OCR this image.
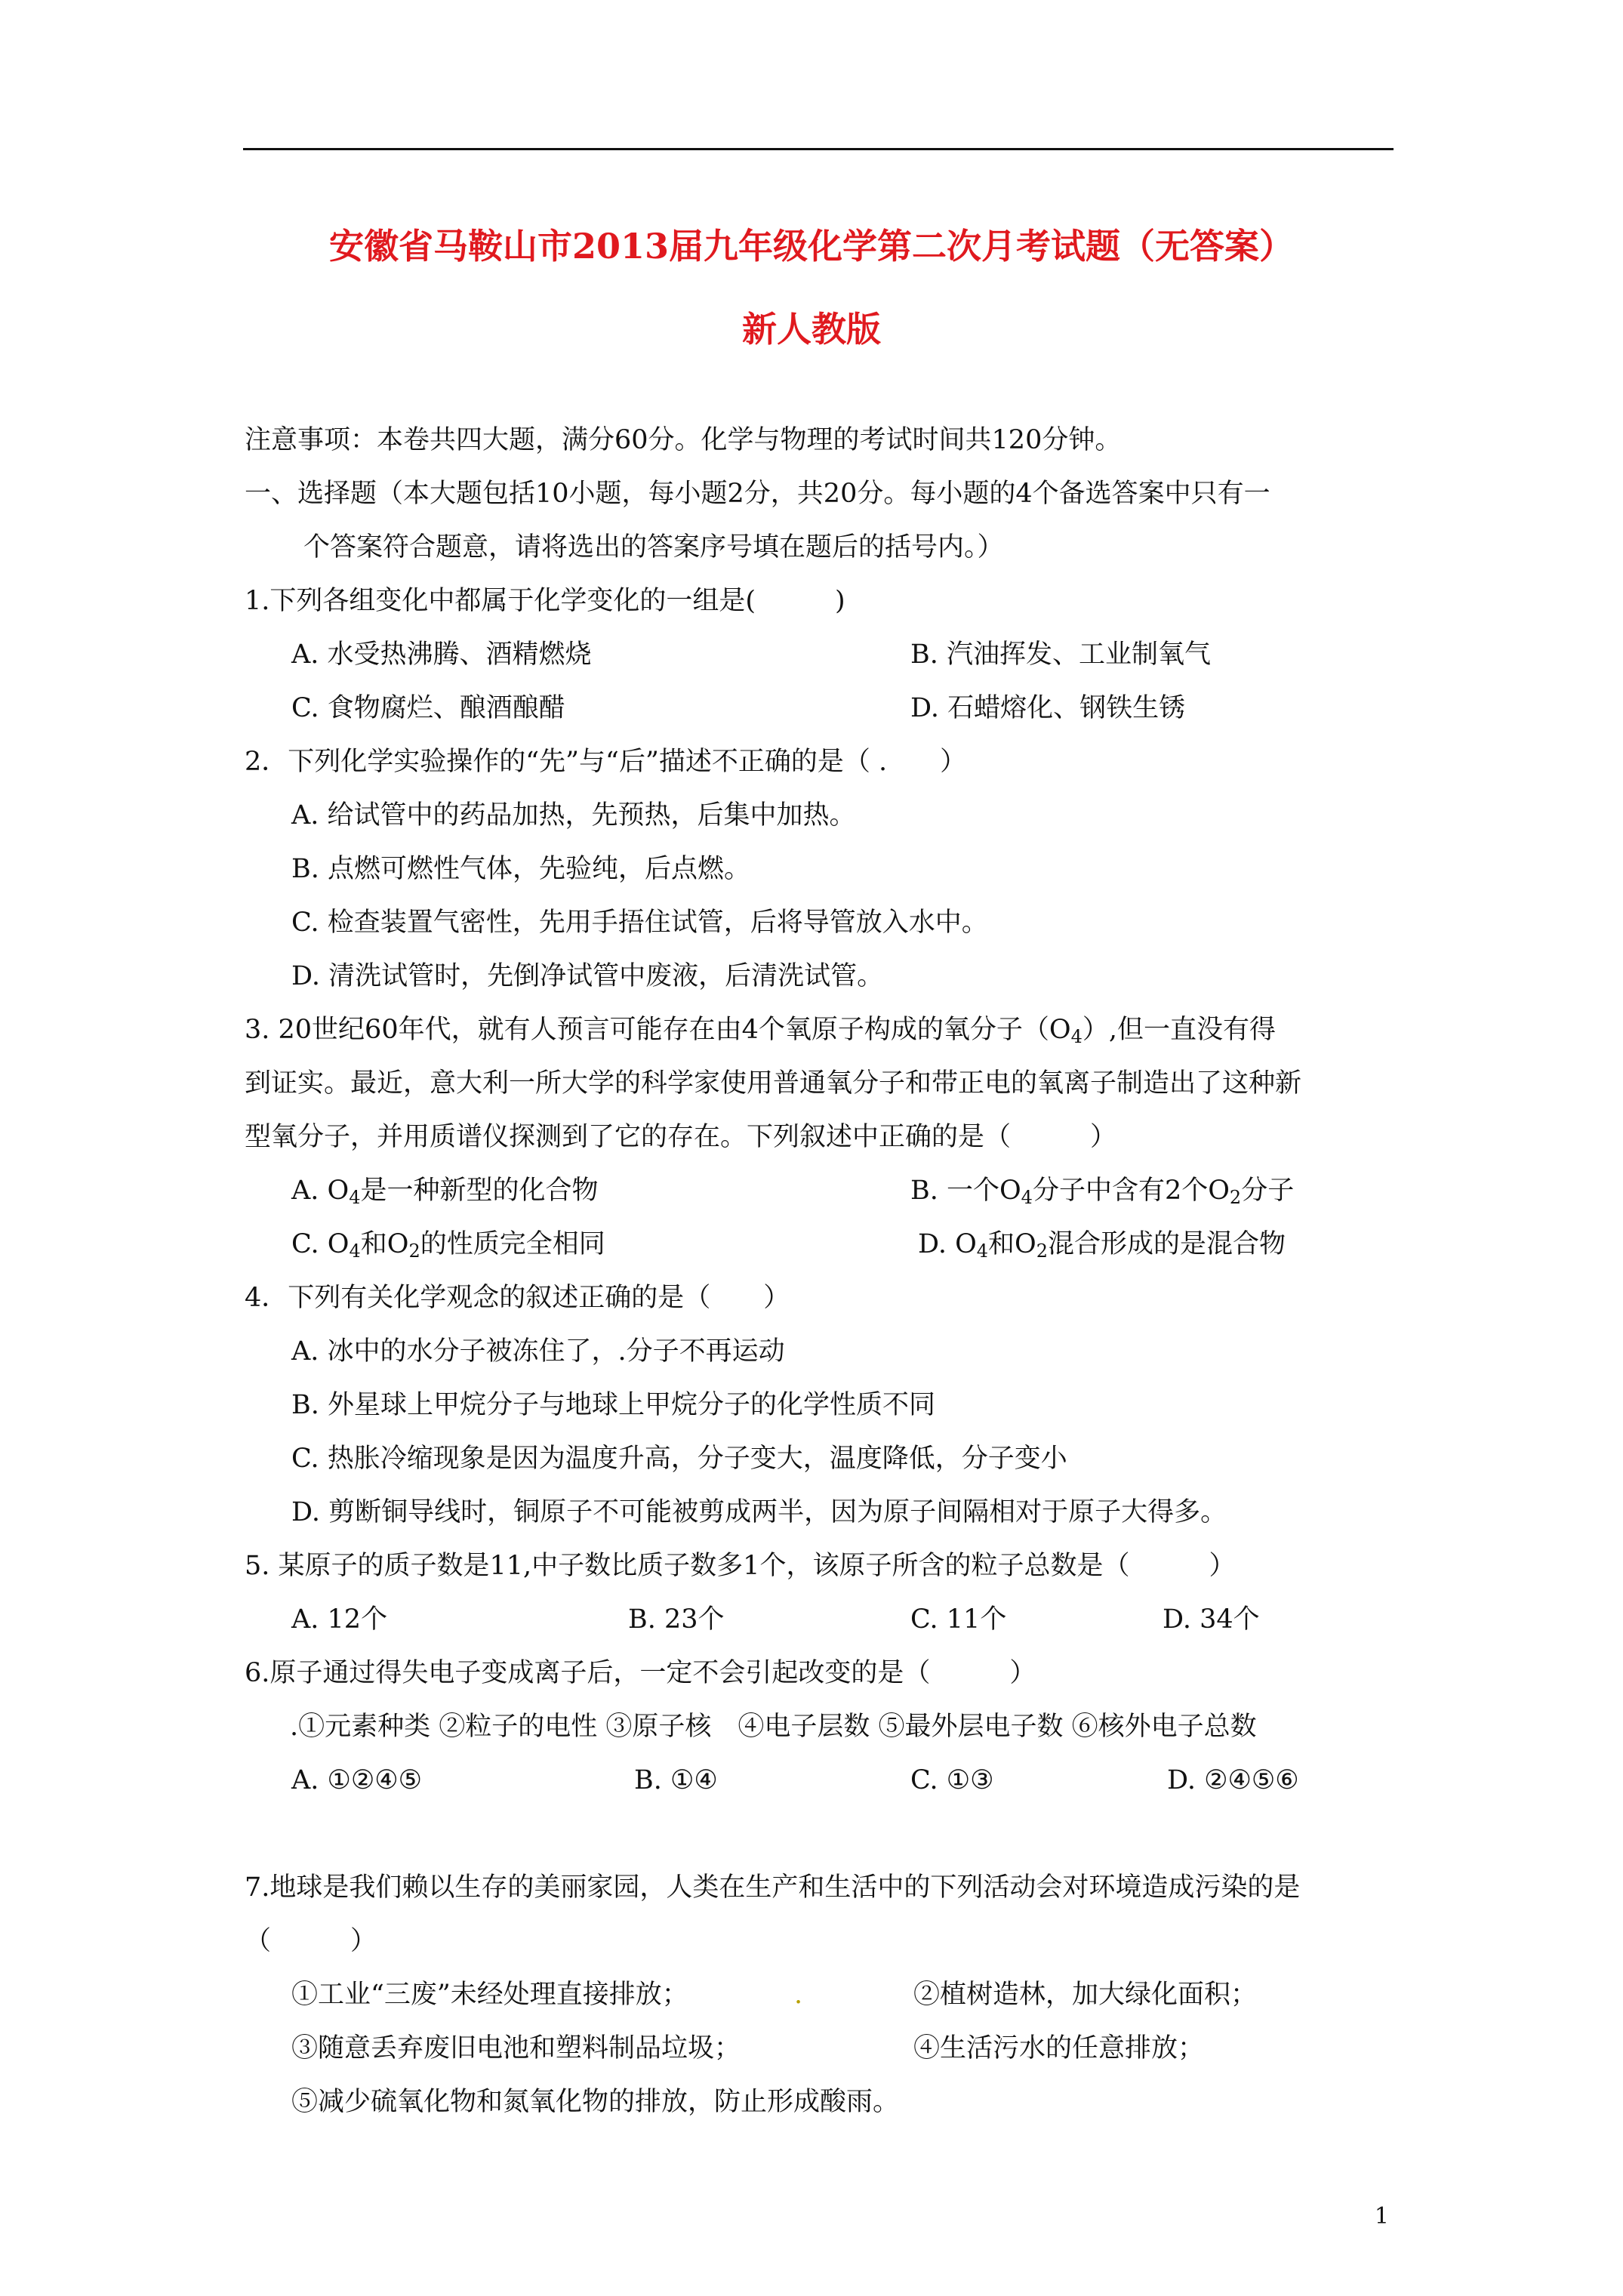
安徽省马鞍山市2013届九年级化学第二次月考试题（无答案）
新人教版
注意事项：本卷共四大题，满分60分。化学与物理的考试时间共120分钟。
一、选择题（本大题包括10小题，每小题2分，共20分。每小题的4个备选答案中只有一
个答案符合题意，请将选出的答案序号填在题后的括号内。）
1.下列各组变化中都属于化学变化的一组是(　　　)
A. 水受热沸腾、酒精燃烧	B. 汽油挥发、工业制氧气
C. 食物腐烂、酿酒酿醋	D. 石蜡熔化、钢铁生锈
2．下列化学实验操作的“先”与“后”描述不正确的是（ .　　）
A. 给试管中的药品加热，先预热，后集中加热。
B. 点燃可燃性气体，先验纯，后点燃。
C. 检查装置气密性，先用手捂住试管，后将导管放入水中。
D. 清洗试管时，先倒净试管中废液，后清洗试管。
3. 20世纪60年代，就有人预言可能存在由4个氧原子构成的氧分子$(O_4)$,但一直没有得
到证实。最近，意大利一所大学的科学家使用普通氧分子和带正电的氧离子制造出了这种新
型氧分子，并用质谱仪探测到了它的存在。下列叙述中正确的是（　　　）
A. $O_4$是一种新型的化合物	B. 一个$O_4$分子中含有2个$O_2$分子
C. $O_4$和$O_2$的性质完全相同	D. $O_4$和$O_2$混合形成的是混合物
4．下列有关化学观念的叙述正确的是（　　）
A. 冰中的水分子被冻住了，.分子不再运动
B. 外星球上甲烷分子与地球上甲烷分子的化学性质不同
C. 热胀冷缩现象是因为温度升高，分子变大，温度降低，分子变小
D. 剪断铜导线时，铜原子不可能被剪成两半，因为原子间隔相对于原子大得多。
5. 某原子的质子数是11,中子数比质子数多1个，该原子所含的粒子总数是（　　　）
A. 12个	B. 23个	C. 11个	D. 34个
6.原子通过得失电子变成离子后，一定不会引起改变的是（　　　）
.①元素种类 ②粒子的电性 ③原子核　④电子层数 ⑤最外层电子数 ⑥核外电子总数
A. ①②④⑤	B. ①④	C. ①③	D. ②④⑤⑥
7.地球是我们赖以生存的美丽家园，人类在生产和生活中的下列活动会对环境造成污染的是
（　　　）
①工业“三废”未经处理直接排放；	.	②植树造林，加大绿化面积；
③随意丢弃废旧电池和塑料制品垃圾；	④生活污水的任意排放；
⑤减少硫氧化物和氮氧化物的排放，防止形成酸雨。
1
